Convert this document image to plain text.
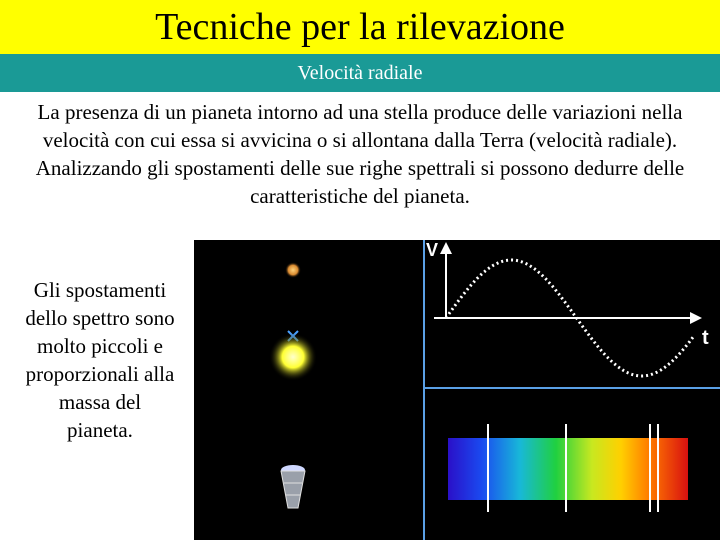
Tecniche per la rilevazione
Velocità radiale

La presenza di un pianeta intorno ad una stella produce delle variazioni nella velocità con cui essa si avvicina o si allontana dalla Terra (velocità radiale).

Analizzando gli spostamenti delle sue righe spettrali si possono dedurre delle caratteristiche del pianeta.

Gli spostamenti dello spettro sono molto piccoli e proporzionali alla massa del pianeta.
V
t
